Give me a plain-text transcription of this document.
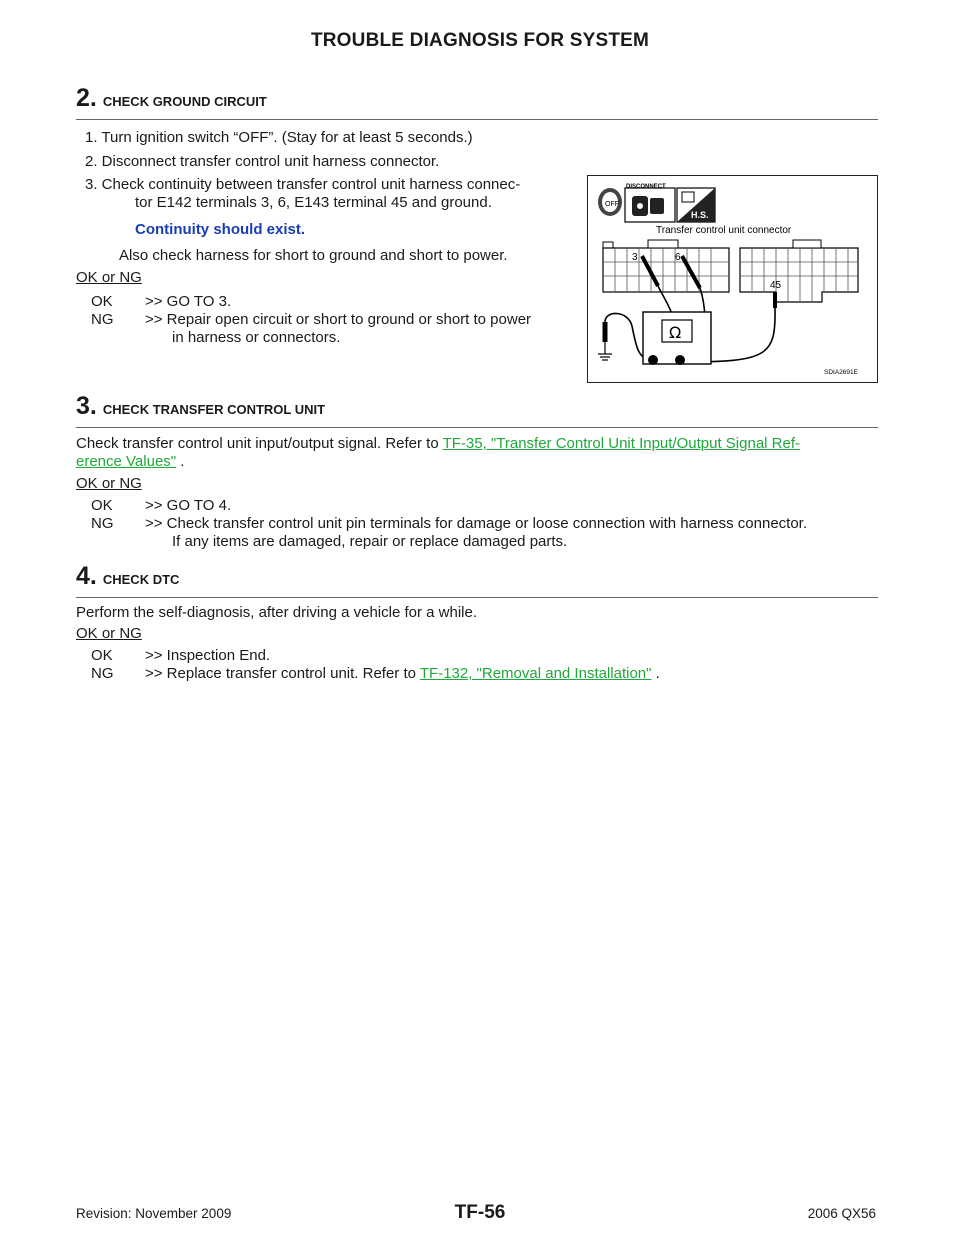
TROUBLE DIAGNOSIS FOR SYSTEM
2. CHECK GROUND CIRCUIT
1. Turn ignition switch “OFF”. (Stay for at least 5 seconds.)
2. Disconnect transfer control unit harness connector.
3. Check continuity between transfer control unit harness connec-
tor E142 terminals 3, 6, E143 terminal 45 and ground.
Continuity should exist.
Also check harness for short to ground and short to power.
OK or NG
OK >> GO TO 3.
NG >> Repair open circuit or short to ground or short to power
in harness or connectors.
OFF
DISCONNECT
H.S.
Transfer control unit connector
3	6
45
Ω
SDIA2691E
3. CHECK TRANSFER CONTROL UNIT
Check transfer control unit input/output signal. Refer to TF-35, "Transfer Control Unit Input/Output Signal Ref-
erence Values" .
OK or NG
OK >> GO TO 4.
NG >> Check transfer control unit pin terminals for damage or loose connection with harness connector.
If any items are damaged, repair or replace damaged parts.
4. CHECK DTC
Perform the self-diagnosis, after driving a vehicle for a while.
OK or NG
OK >> Inspection End.
NG >> Replace transfer control unit. Refer to TF-132, "Removal and Installation" .
Revision: November 2009	TF-56	2006 QX56
